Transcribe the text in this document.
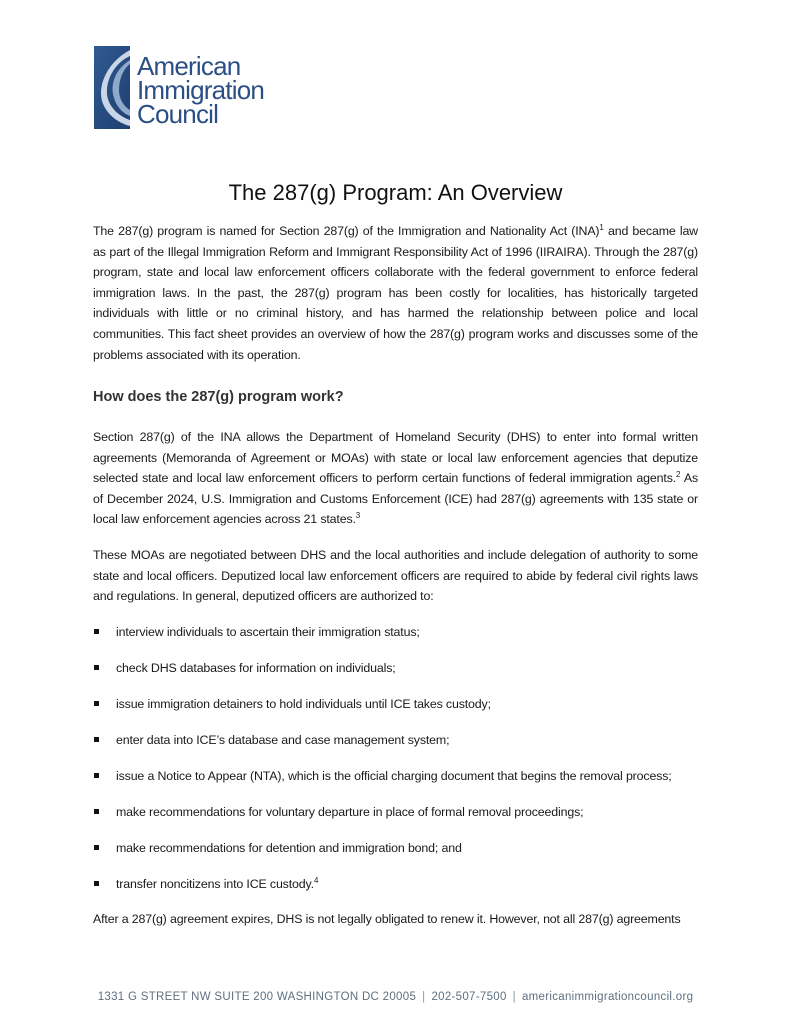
American
Immigration
Council
The 287(g) Program: An Overview

The 287(g) program is named for Section 287(g) of the Immigration and Nationality Act (INA)$^1$ and became law as part of the Illegal Immigration Reform and Immigrant Responsibility Act of 1996 (IIRAIRA). Through the 287(g) program, state and local law enforcement officers collaborate with the federal government to enforce federal immigration laws. In the past, the 287(g) program has been costly for localities, has historically targeted individuals with little or no criminal history, and has harmed the relationship between police and local communities. This fact sheet provides an overview of how the 287(g) program works and discusses some of the problems associated with its operation.

How does the 287(g) program work?

Section 287(g) of the INA allows the Department of Homeland Security (DHS) to enter into formal written agreements (Memoranda of Agreement or MOAs) with state or local law enforcement agencies that deputize selected state and local law enforcement officers to perform certain functions of federal immigration agents.$^2$ As of December 2024, U.S. Immigration and Customs Enforcement (ICE) had 287(g) agreements with 135 state or local law enforcement agencies across 21 states.$^3$

These MOAs are negotiated between DHS and the local authorities and include delegation of authority to some state and local officers. Deputized local law enforcement officers are required to abide by federal civil rights laws and regulations. In general, deputized officers are authorized to:

interview individuals to ascertain their immigration status;
check DHS databases for information on individuals;
issue immigration detainers to hold individuals until ICE takes custody;
enter data into ICE’s database and case management system;
issue a Notice to Appear (NTA), which is the official charging document that begins the removal process;
make recommendations for voluntary departure in place of formal removal proceedings;
make recommendations for detention and immigration bond; and
transfer noncitizens into ICE custody.$^4$

After a 287(g) agreement expires, DHS is not legally obligated to renew it. However, not all 287(g) agreements

1331 G STREET NW SUITE 200 WASHINGTON DC 20005 | 202-507-7500 | americanimmigrationcouncil.org
